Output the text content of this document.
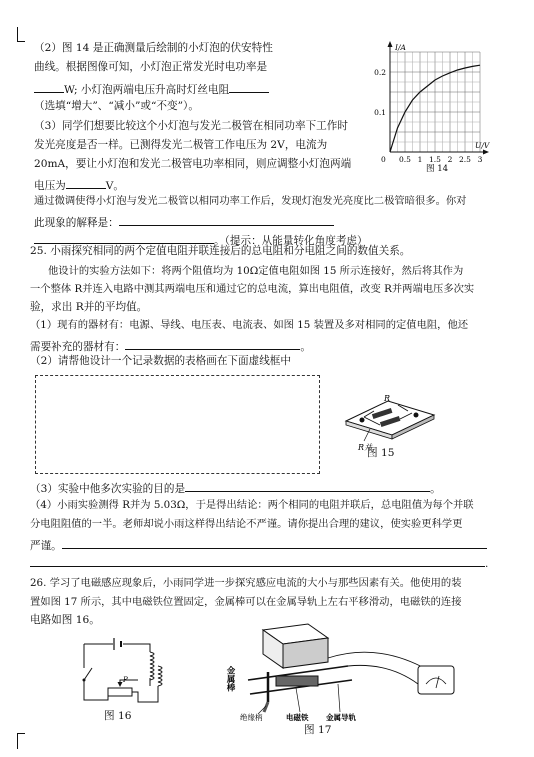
（2）图 14 是正确测量后绘制的小灯泡的伏安特性
曲线。根据图像可知，小灯泡正常发光时电功率是
W; 小灯泡两端电压升高时灯丝电阻
（选填“增大”、“减小”或“不变”）。
（3）同学们想要比较这个小灯泡与发光二极管在相同功率下工作时
发光亮度是否一样。已测得发光二极管工作电压为 2V，电流为
20mA，要让小灯泡和发光二极管电功率相同，则应调整小灯泡两端
电压为	V。
通过微调使得小灯泡与发光二极管以相同功率工作后，发现灯泡发光亮度比二极管暗很多。你对
此现象的解释是：
。（提示：从能量转化角度考虑）
I/A
U/V
0 0.5 1 1.5 2 2.5 3
0.1
0.2
图 14
25. 小雨探究相同的两个定值电阻并联连接后的总电阻和分电阻之间的数值关系。
他设计的实验方法如下：将两个阻值均为 10Ω定值电阻如图 15 所示连接好，然后将其作为
一个整体 R并连入电路中测其两端电压和通过它的总电流，算出电阻值，改变 R并两端电压多次实
验，求出 R并的平均值。
（1）现有的器材有：电源、导线、电压表、电流表、如图 15 装置及多对相同的定值电阻，他还
需要补充的器材有：	。
（2）请帮他设计一个记录数据的表格画在下面虚线框中
R
R并
图 15
（3）实验中他多次实验的目的是	。
（4）小雨实验测得 R并为 5.03Ω，于是得出结论：两个相同的电阻并联后，总电阻值为每个并联
分电阻阻值的一半。老师却说小雨这样得出结论不严谨。请你提出合理的建议，使实验更科学更
严谨。
.
26. 学习了电磁感应现象后，小雨同学进一步探究感应电流的大小与那些因素有关。他使用的装
置如图 17 所示，其中电磁铁位置固定，金属棒可以在金属导轨上左右平移滑动，电磁铁的连接
电路如图 16。
P
图 16
金属棒
绝缘柄	电磁铁 金属导轨
图 17
